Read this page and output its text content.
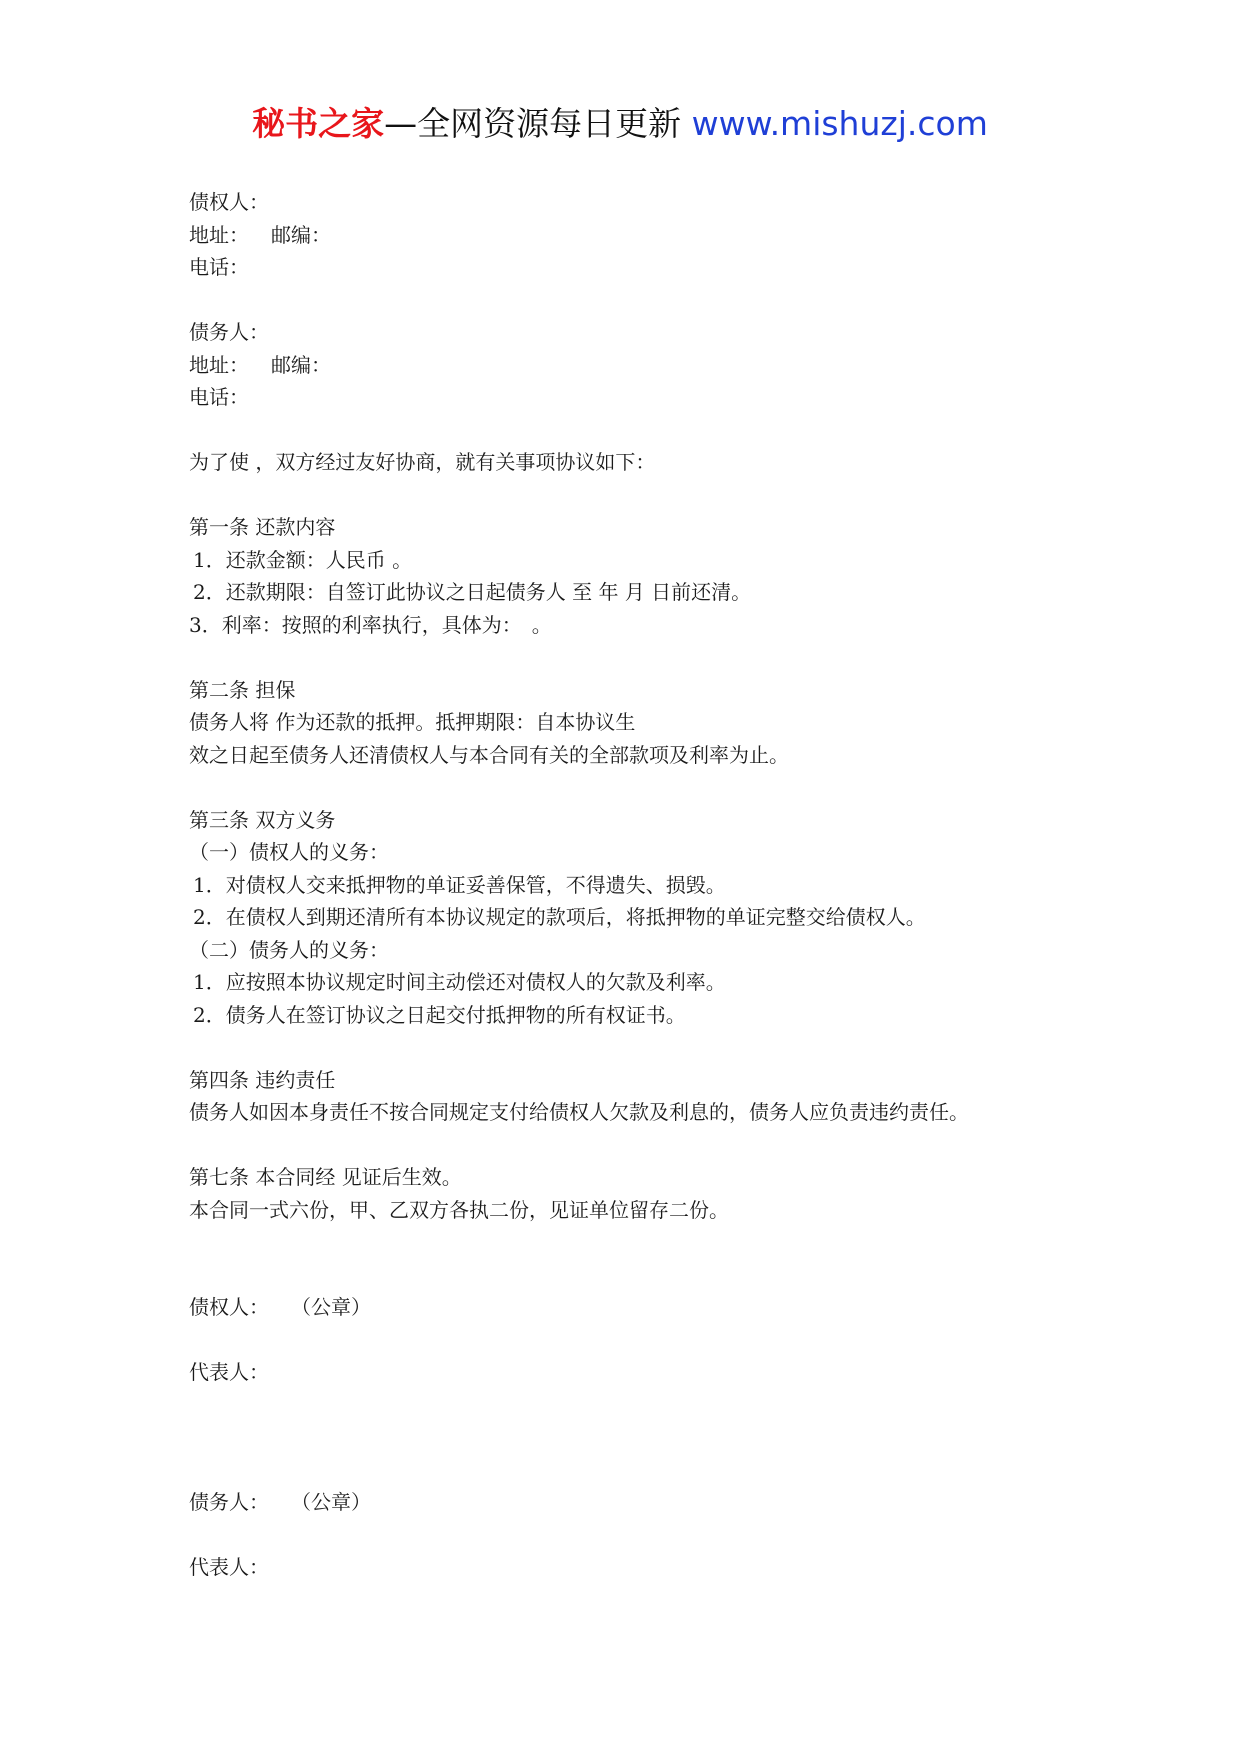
秘书之家—全网资源每日更新 www.mishuzj.com
债权人：
地址： 邮编：
电话：
债务人：
地址： 邮编：
电话：
为了使 ，双方经过友好协商，就有关事项协议如下：
第一条 还款内容
1．还款金额：人民币 。
2．还款期限：自签订此协议之日起债务人 至 年 月 日前还清。
3．利率：按照的利率执行，具体为：　。
第二条 担保
债务人将 作为还款的抵押。抵押期限：自本协议生
效之日起至债务人还清债权人与本合同有关的全部款项及利率为止。
第三条 双方义务
（一）债权人的义务：
1．对债权人交来抵押物的单证妥善保管，不得遗失、损毁。
2．在债权人到期还清所有本协议规定的款项后，将抵押物的单证完整交给债权人。
（二）债务人的义务：
1．应按照本协议规定时间主动偿还对债权人的欠款及利率。
2．债务人在签订协议之日起交付抵押物的所有权证书。
第四条 违约责任
债务人如因本身责任不按合同规定支付给债权人欠款及利息的，债务人应负责违约责任。
第七条 本合同经 见证后生效。
本合同一式六份，甲、乙双方各执二份，见证单位留存二份。
债权人： （公章）
代表人：
债务人： （公章）
代表人：
